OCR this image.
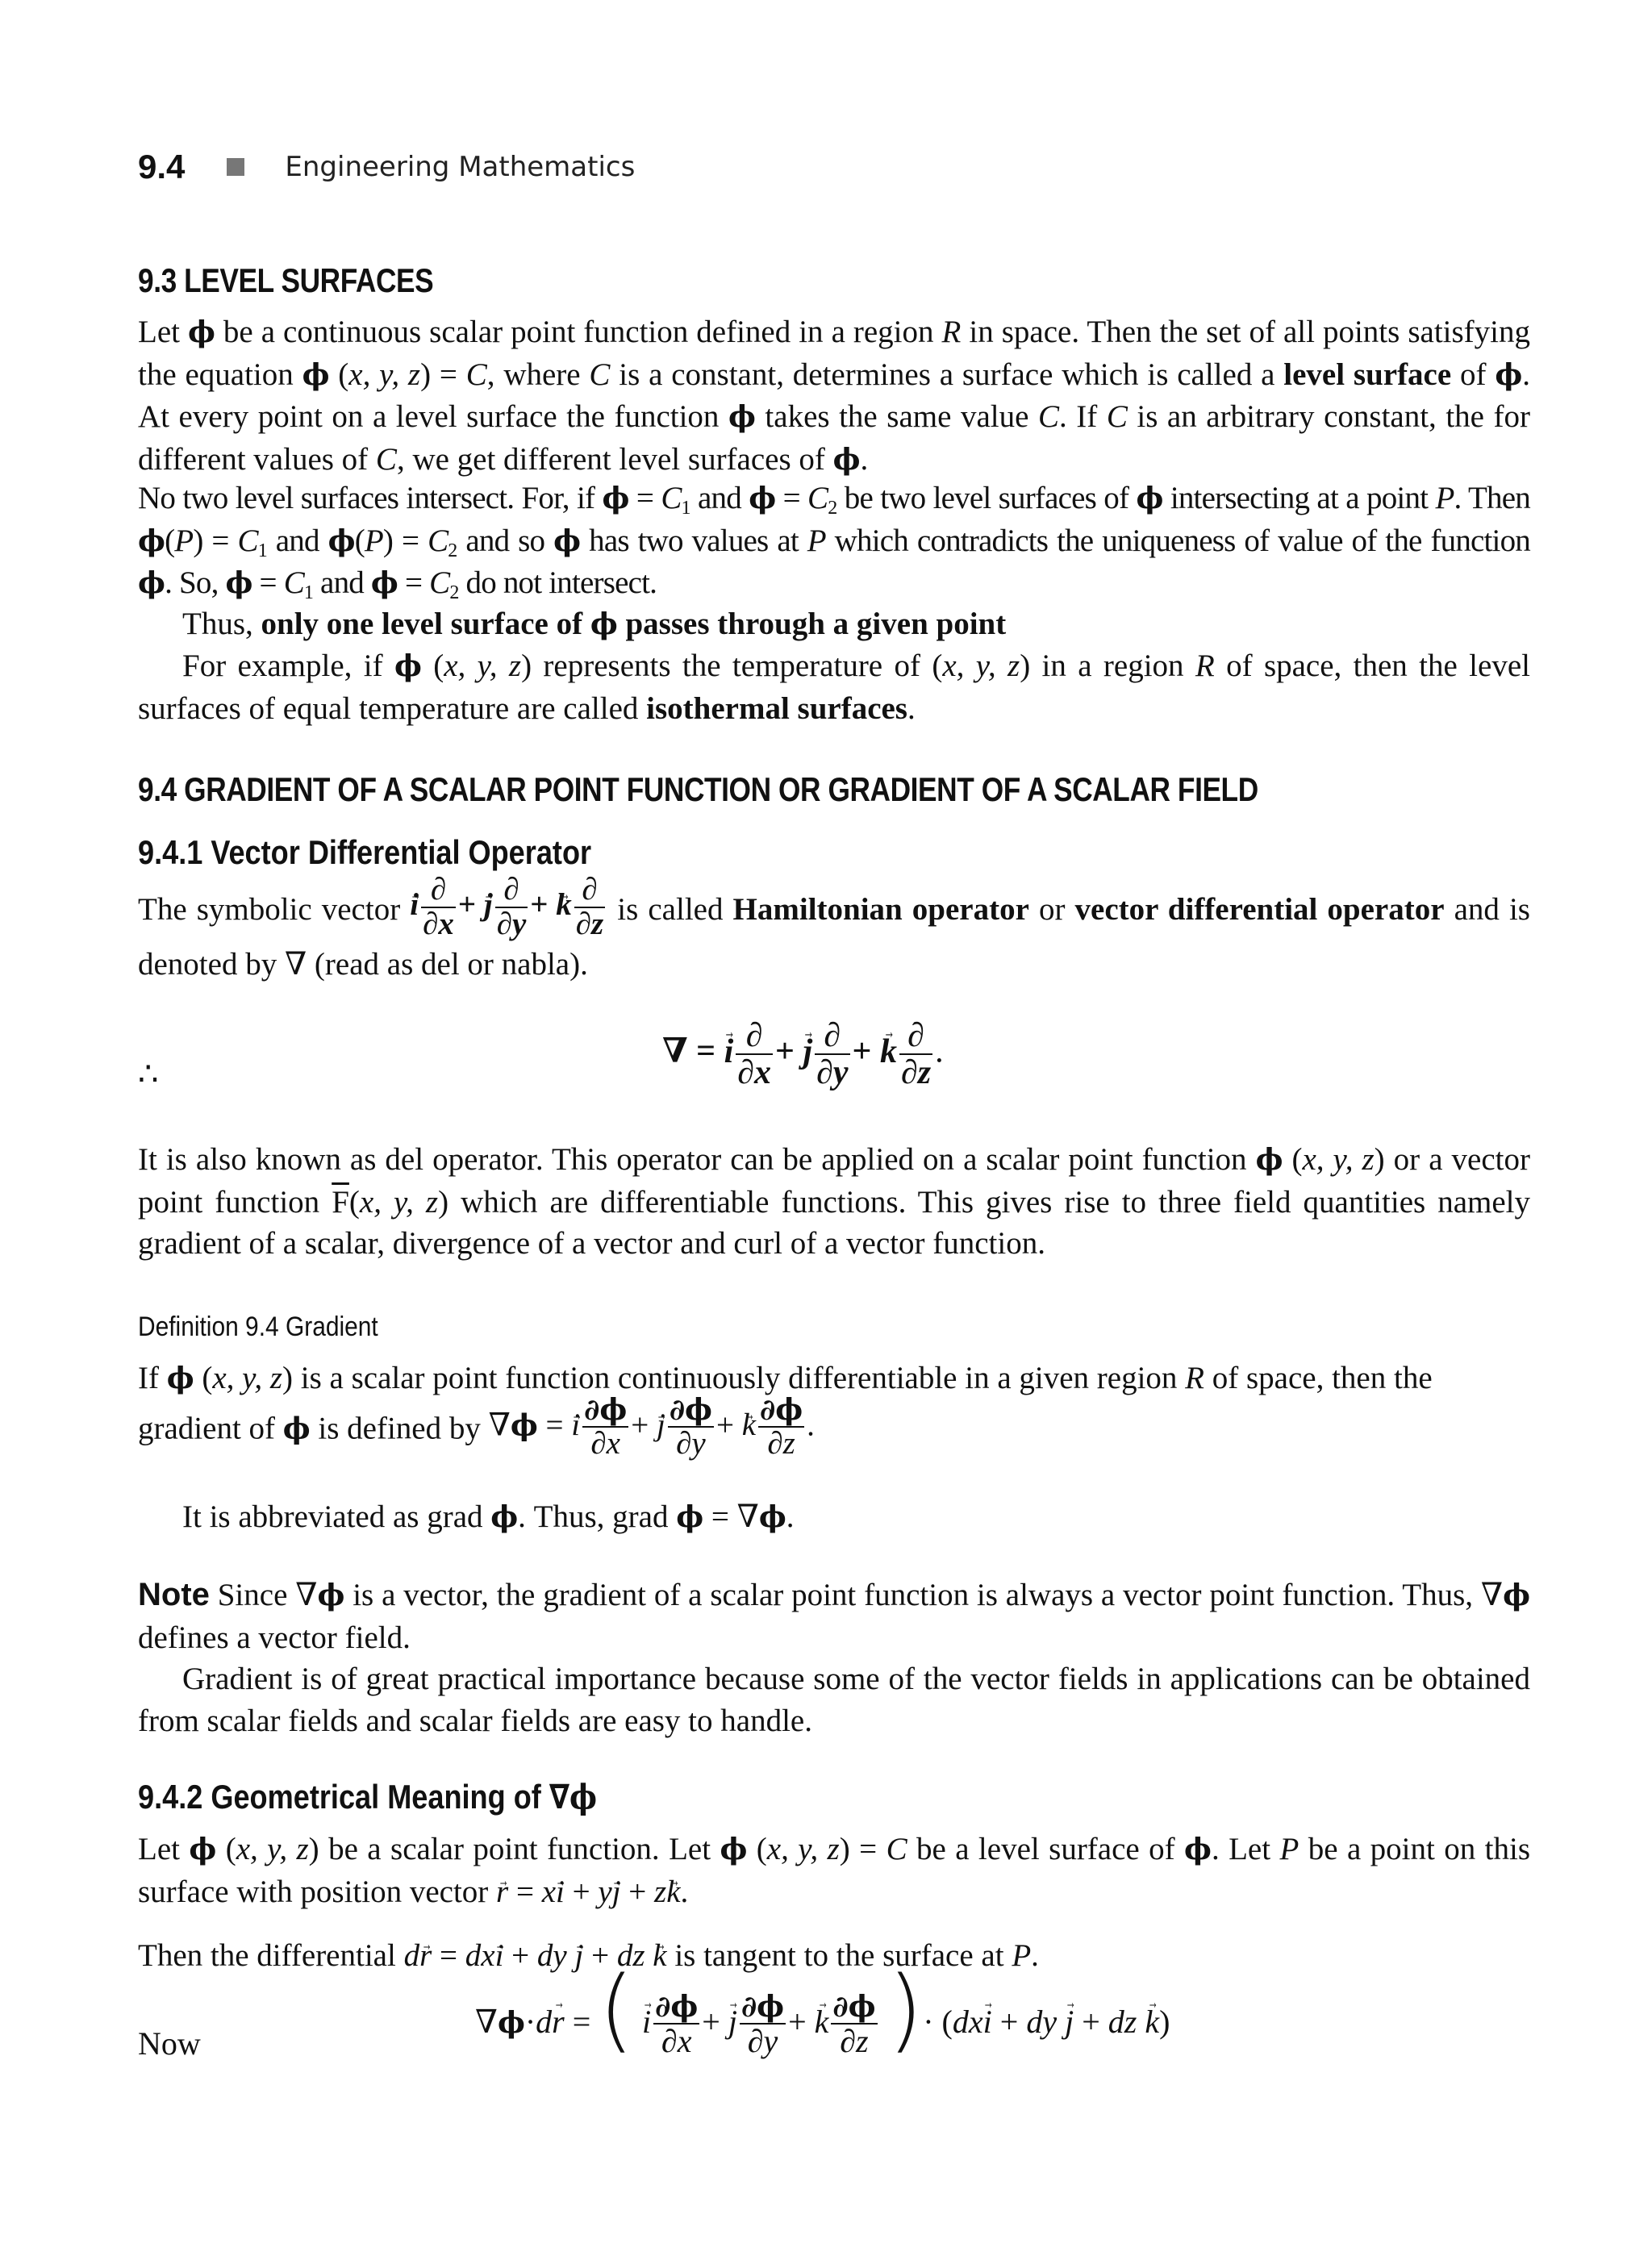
9.4	Engineering Mathematics
9.3 LEVEL SURFACES
Let ϕ be a continuous scalar point function defined in a region R in space. Then the set of all points satisfying the equation ϕ (x, y, z) = C, where C is a constant, determines a surface which is called a level surface of ϕ. At every point on a level surface the function ϕ takes the same value C. If C is an arbitrary constant, the for different values of C, we get different level surfaces of ϕ.
No two level surfaces intersect. For, if $\phi = C_1$ and $\phi = C_2$ be two level surfaces of ϕ intersecting at a point P. Then $\phi(P) = C_1$ and $\phi(P) = C_2$ and so ϕ has two values at P which contradicts the uniqueness of value of the function ϕ. So, $\phi = C_1$ and $\phi = C_2$ do not intersect.
Thus, only one level surface of ϕ passes through a given point
For example, if ϕ (x, y, z) represents the temperature of (x, y, z) in a region R of space, then the level surfaces of equal temperature are called isothermal surfaces.
9.4 GRADIENT OF A SCALAR POINT FUNCTION OR GRADIENT OF A SCALAR FIELD
9.4.1 Vector Differential Operator
The symbolic vector → i $\frac{\partial}{\partial x}$ + → j $\frac{\partial}{\partial y}$ + → k $\frac{\partial}{\partial z}$ is called Hamiltonian operator or vector differential operator and is denoted by ∇ (read as del or nabla).
∴
∇ = → i $\frac{\partial}{\partial x}$ + → j $\frac{\partial}{\partial y}$ + → k $\frac{\partial}{\partial z}$ .
It is also known as del operator. This operator can be applied on a scalar point function ϕ (x, y, z) or a vector point function $\overline{F}(x$, y, z) which are differentiable functions. This gives rise to three field quantities namely gradient of a scalar, divergence of a vector and curl of a vector function.
Definition 9.4 Gradient
If ϕ (x, y, z) is a scalar point function continuously differentiable in a given region R of space, then the
gradient of ϕ is defined by ∇ϕ = → i $\frac{\partial\phi}{\partial x}$ + → j $\frac{\partial\phi}{\partial y}$ + → k $\frac{\partial\phi}{\partial z}$ .
It is abbreviated as grad ϕ. Thus, grad ϕ = ∇ϕ.
Note Since ∇ϕ is a vector, the gradient of a scalar point function is always a vector point function. Thus, ∇ϕ defines a vector field.
Gradient is of great practical importance because some of the vector fields in applications can be obtained from scalar fields and scalar fields are easy to handle.
9.4.2 Geometrical Meaning of ∇ϕ
Let ϕ (x, y, z) be a scalar point function. Let ϕ (x, y, z) = C be a level surface of ϕ. Let P be a point on this surface with position vector → r = x→ i + y→ j + z→ k.
Then the differential d→ r = dx→ i + dy → j + dz → k is tangent to the surface at P.
Now
∇ϕ·d→ r = ( → i $\frac{\partial\phi}{\partial x}$ + → j $\frac{\partial\phi}{\partial y}$ + → k $\frac{\partial\phi}{\partial z}$ )· (dx→ i + dy → j + dz → k)
